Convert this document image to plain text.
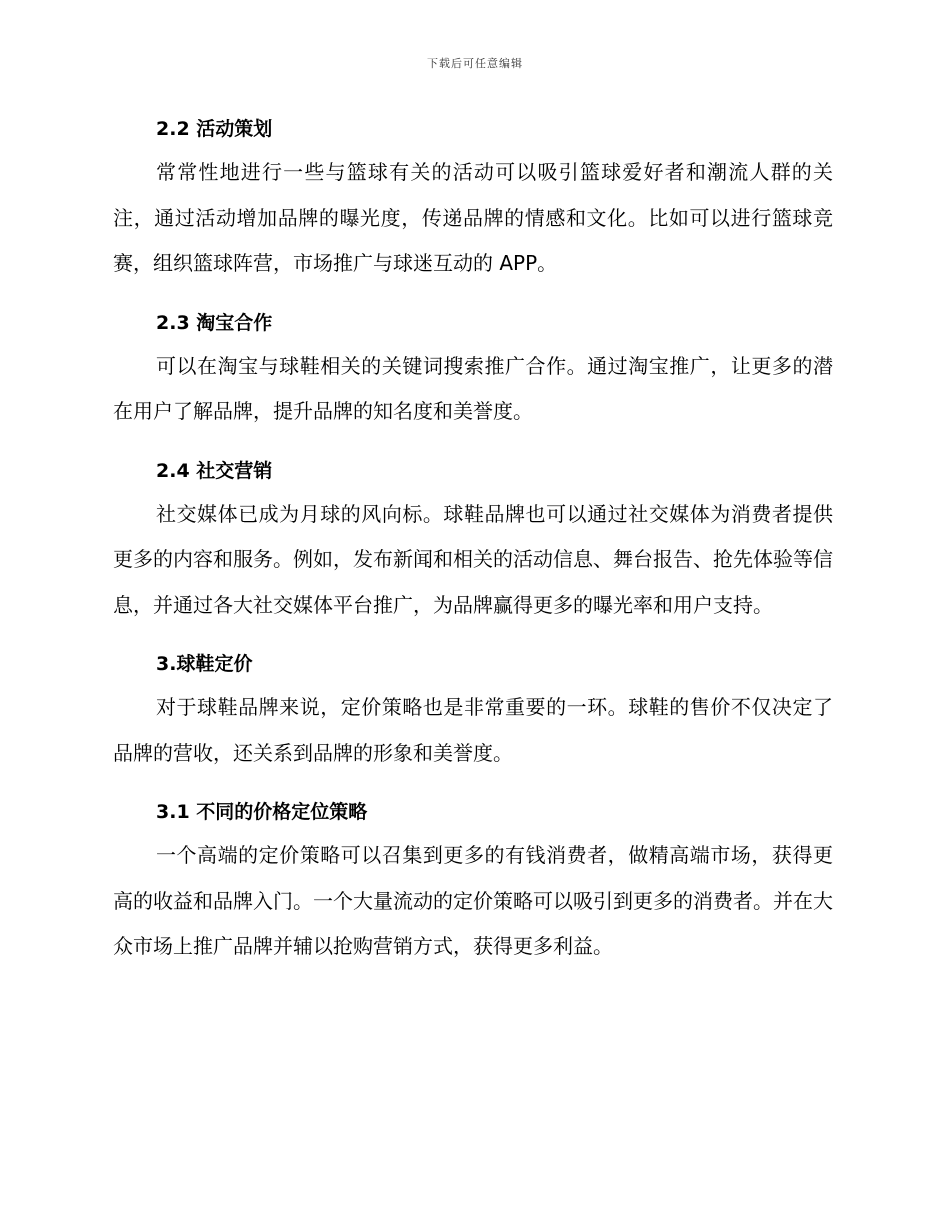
下载后可任意编辑
2.2 活动策划

常常性地进行一些与篮球有关的活动可以吸引篮球爱好者和潮流人群的关注，通过活动增加品牌的曝光度，传递品牌的情感和文化。比如可以进行篮球竞赛，组织篮球阵营，市场推广与球迷互动的 APP。

2.3 淘宝合作

可以在淘宝与球鞋相关的关键词搜索推广合作。通过淘宝推广，让更多的潜在用户了解品牌，提升品牌的知名度和美誉度。

2.4 社交营销

社交媒体已成为月球的风向标。球鞋品牌也可以通过社交媒体为消费者提供更多的内容和服务。例如，发布新闻和相关的活动信息、舞台报告、抢先体验等信息，并通过各大社交媒体平台推广，为品牌赢得更多的曝光率和用户支持。

3.球鞋定价

对于球鞋品牌来说，定价策略也是非常重要的一环。球鞋的售价不仅决定了品牌的营收，还关系到品牌的形象和美誉度。

3.1 不同的价格定位策略

一个高端的定价策略可以召集到更多的有钱消费者，做精高端市场，获得更高的收益和品牌入门。一个大量流动的定价策略可以吸引到更多的消费者。并在大众市场上推广品牌并辅以抢购营销方式，获得更多利益。
